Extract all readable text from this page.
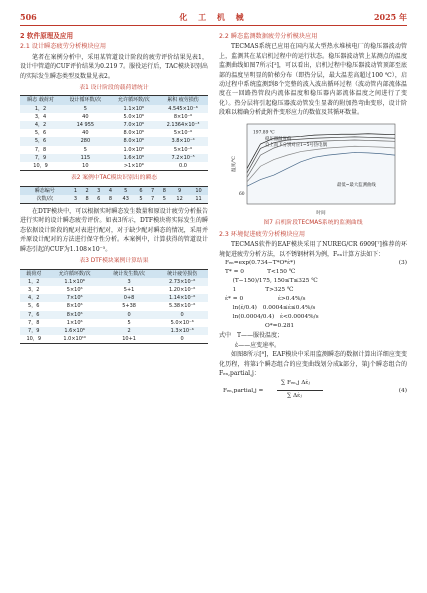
506	化 工 机 械	2025 年
2 软件原理及应用
2.1 设计瞬态疲劳分析模块应用

笔者在案例分析中，采用某管道设计阶段的疲劳评价结果见表1，设计中管道的CUF评价结果为0.219 7。服役运行后，TAC模块识别出的实际发生瞬态类型及数量见表2。

表1 设计阶段的载荷谱统计
瞬态 载荷对	设计循环数/次	允许循环数/次	累积 疲劳损伤
1，2	5	1.1×10⁶	4.545×10⁻⁶
3，4	40	5.0×10⁶	8×10⁻⁶
4，2	14 955	7.0×10⁶	2.1364×10⁻³
5，6	40	8.0×10⁶	5×10⁻⁶
5，6	280	8.0×10⁶	3.8×10⁻⁴
7，8	5	1.0×10⁶	5×10⁻⁶
7，9	115	1.6×10⁶	7.2×10⁻⁵
10，9	10	>1×10⁹	0.0
表2 案例中TAC模块识别出的瞬态
瞬态编号	1	2	3	4	5	6	7	8	9	10
次数/次	3	8	6	8	43	5	7	5	12	11

在DTF模块中，可以根据实时瞬态发生数量和原设计疲劳分析报告进行实时的设计瞬态疲劳评价。如表3所示，DTF模块将实际发生的瞬态依据设计阶段的配对表进行配对，对于缺少配对瞬态的情况，采用并并原设计配对的方法进行保守性分析。本案例中，计算获得的管道设计瞬态引起的CUF为1.108×10⁻⁵。

表3 DTF模块案例计算结果
载荷对	允许循环数/次	统计发生数/次	统计疲劳损伤
1，2	1.1×10⁶	3	2.73×10⁻⁶
3，2	5×10⁶	5+1	1.20×10⁻⁶
4，2	7×10⁶	0+8	1.14×10⁻⁶
5，6	8×10⁶	5+38	5.38×10⁻⁶
7，6	8×10⁶	0	0
7，8	1×10⁶	5	5.0×10⁻⁶
7，9	1.6×10⁶	2	1.3×10⁻⁶
10，9	1.0×10¹⁰	10+1	0
2.2 瞬态监测数据疲劳分析模块应用

TECMAS系统已应用在国内某大型热水堆核电厂的稳压器波动管上，监测其在某启机过程中的运行状态。稳压器波动管上某测点的温度监测曲线如图7所示[²]，可以看出，启机过程中稳压器波动管顶部至底部的温度呈明显的阶梯分布（即热分层，最大温差高超过100 ℃），启动过程中系统监测到8个完整的波入波出循环过程（波动管内部流体温度在一回路热管段内流体温度和稳压器内部流体温度之间进行了变化）。热分层将引起稳压器波动管发生显著的附加热弯曲变形，设计阶段难以精确分析此附件变形应力的数值及其循环数量。

温度/℃
时间
稳压器温度值
自上而下分别对应1~5号热电偶
197.89 ℃
最低~最大监测曲线
60
图7 启机阶段TECMAS系统的监测曲线
2.3 环境促进疲劳分析模块应用

TECMAS软件的EAF模块采用了NUREG/CR 6909[⁷]推荐的环境促进疲劳分析方法，以不锈钢材料为例，Fₑₙ计算方法如下：

Fₑₙ=exp(0.734−T*O*ε̇*)	(3)
T* = 0　　　　T<150 ℃
　 (T−150)/175, 150≤T≤325 ℃
　 1　　　　　T>325 ℃
ε̇* = 0　　　　　　ε̇>0.4%/s
　 ln(ε̇/0.4)　0.0004≤ε̇≤0.4%/s
　 ln(0.0004/0.4)　ε̇<0.0004%/s
O*=0.281
式中 T——服役温度；
ε̇——应变速率。

如图8所示[⁸]，EAF模块中采用监测瞬态的数据计算出详细应变变化历程，将第i个瞬态组合的应变曲线划分成k部分，第j个瞬态组合的Fₑₙ,partial,j：

Fₑₙ,partial,j =
∑ Fₑₙ,j Δε̇ⱼ
∑ Δε̇ⱼ
(4)
